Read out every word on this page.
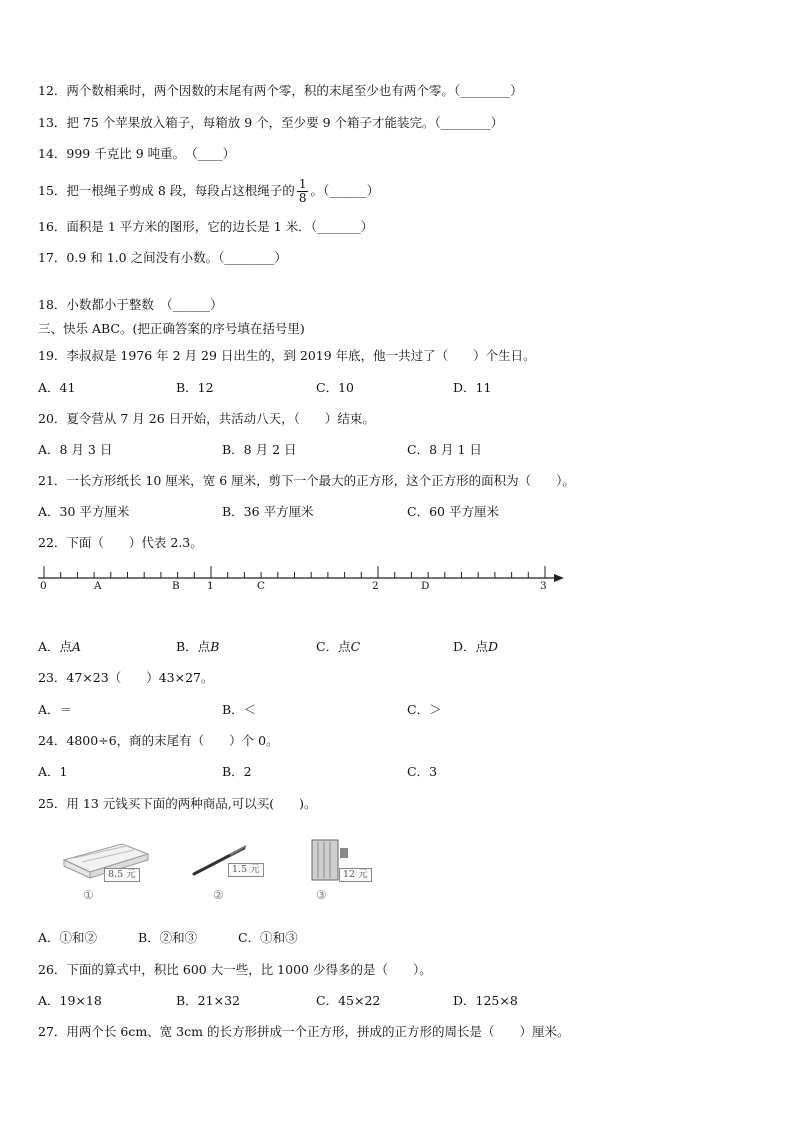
12．两个数相乘时，两个因数的末尾有两个零，积的末尾至少也有两个零。（________）
13．把 75 个苹果放入箱子，每箱放 9 个，至少要 9 个箱子才能装完。（________）
14．999 千克比 9 吨重。　（____）
15．把一根绳子剪成 8 段，每段占这根绳子的 $\frac{1}{8}$ 。（______）
16．面积是 1 平方米的图形，它的边长是 1 米．（_______）
17．0.9 和 1.0 之间没有小数。（________）
18．小数都小于整数　（______）
三、快乐 ABC。(把正确答案的序号填在括号里)
19．李叔叔是 1976 年 2 月 29 日出生的，到 2019 年底，他一共过了（　　）个生日。
A．41	B．12	C．10	D．11
20．夏令营从 7 月 26 日开始，共活动八天，（　　）结束。
A．8 月 3 日	B．8 月 2 日	C．8 月 1 日
21．一长方形纸长 10 厘米，宽 6 厘米，剪下一个最大的正方形，这个正方形的面积为（　　）。
A．30 平方厘米	B．36 平方厘米	C．60 平方厘米
22．下面（　　）代表 2.3。
0	A	B	1	C	2	D	3
A．点A	B．点B	C．点C	D．点D
23．47×23（　　）43×27。
A．＝	B．＜	C．＞
24．4800÷6，商的末尾有（　　）个 0。
A．1	B．2	C．3
25．用 13 元钱买下面的两种商品,可以买(　　)。
8.5 元
①
1.5 元
②
12 元
③
A．①和②	B．②和③	C．①和③
26．下面的算式中，积比 600 大一些，比 1000 少得多的是（　　）。
A．19×18	B．21×32	C．45×22	D．125×8
27．用两个长 6cm、宽 3cm 的长方形拼成一个正方形，拼成的正方形的周长是（　　）厘米。
